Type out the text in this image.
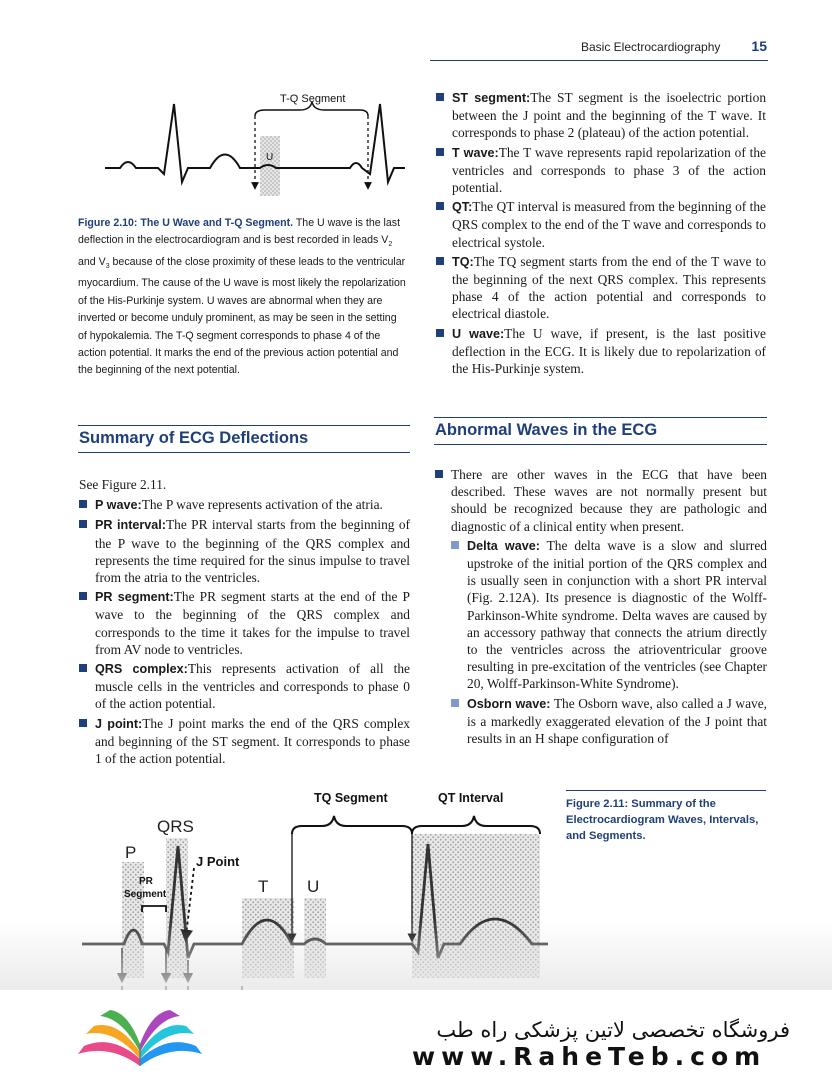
Basic Electrocardiography 15
T-Q Segment
U
Figure 2.10: The U Wave and T-Q Segment. The U wave is the last deflection in the electrocardiogram and is best recorded in leads $V_2$ and $V_3$ because of the close proximity of these leads to the ventricular myocardium. The cause of the U wave is most likely the repolarization of the His-Purkinje system. U waves are abnormal when they are inverted or become unduly prominent, as may be seen in the setting of hypokalemia. The T-Q segment corresponds to phase 4 of the action potential. It marks the end of the previous action potential and the beginning of the next potential.
ST segment:The ST segment is the isoelectric portion between the J point and the beginning of the T wave. It corresponds to phase 2 (plateau) of the action potential.
T wave:The T wave represents rapid repolarization of the ventricles and corresponds to phase 3 of the action potential.
QT:The QT interval is measured from the beginning of the QRS complex to the end of the T wave and corresponds to electrical systole.
TQ:The TQ segment starts from the end of the T wave to the beginning of the next QRS complex. This represents phase 4 of the action potential and corresponds to electrical diastole.
U wave:The U wave, if present, is the last positive deflection in the ECG. It is likely due to repolarization of the His-Purkinje system.
Summary of ECG Deflections	Abnormal Waves in the ECG

See Figure 2.11.

P wave:The P wave represents activation of the atria.
PR interval:The PR interval starts from the beginning of the P wave to the beginning of the QRS complex and represents the time required for the sinus impulse to travel from the atria to the ventricles.
PR segment:The PR segment starts at the end of the P wave to the beginning of the QRS complex and corresponds to the time it takes for the impulse to travel from AV node to ventricles.
QRS complex:This represents activation of all the muscle cells in the ventricles and corresponds to phase 0 of the action potential.
J point:The J point marks the end of the QRS complex and beginning of the ST segment. It corresponds to phase 1 of the action potential.
There are other waves in the ECG that have been described. These waves are not normally present but should be recognized because they are pathologic and diagnostic of a clinical entity when present.
Delta wave: The delta wave is a slow and slurred upstroke of the initial portion of the QRS complex and is usually seen in conjunction with a short PR interval (Fig. 2.12A). Its presence is diagnostic of the Wolff-Parkinson-White syndrome. Delta waves are caused by an accessory pathway that connects the atrium directly to the ventricles across the atrioventricular groove resulting in pre-excitation of the ventricles (see Chapter 20, Wolff-Parkinson-White Syndrome).
Osborn wave: The Osborn wave, also called a J wave, is a markedly exaggerated elevation of the J point that results in an H shape configuration of
TQ Segment	QT Interval
QRS
P	J Point
PR
Segment	T U
Figure 2.11: Summary of the Electrocardiogram Waves, Intervals, and Segments.
فروشگاه تخصصی لاتین پزشکی راه طب
www.RaheTeb.com
